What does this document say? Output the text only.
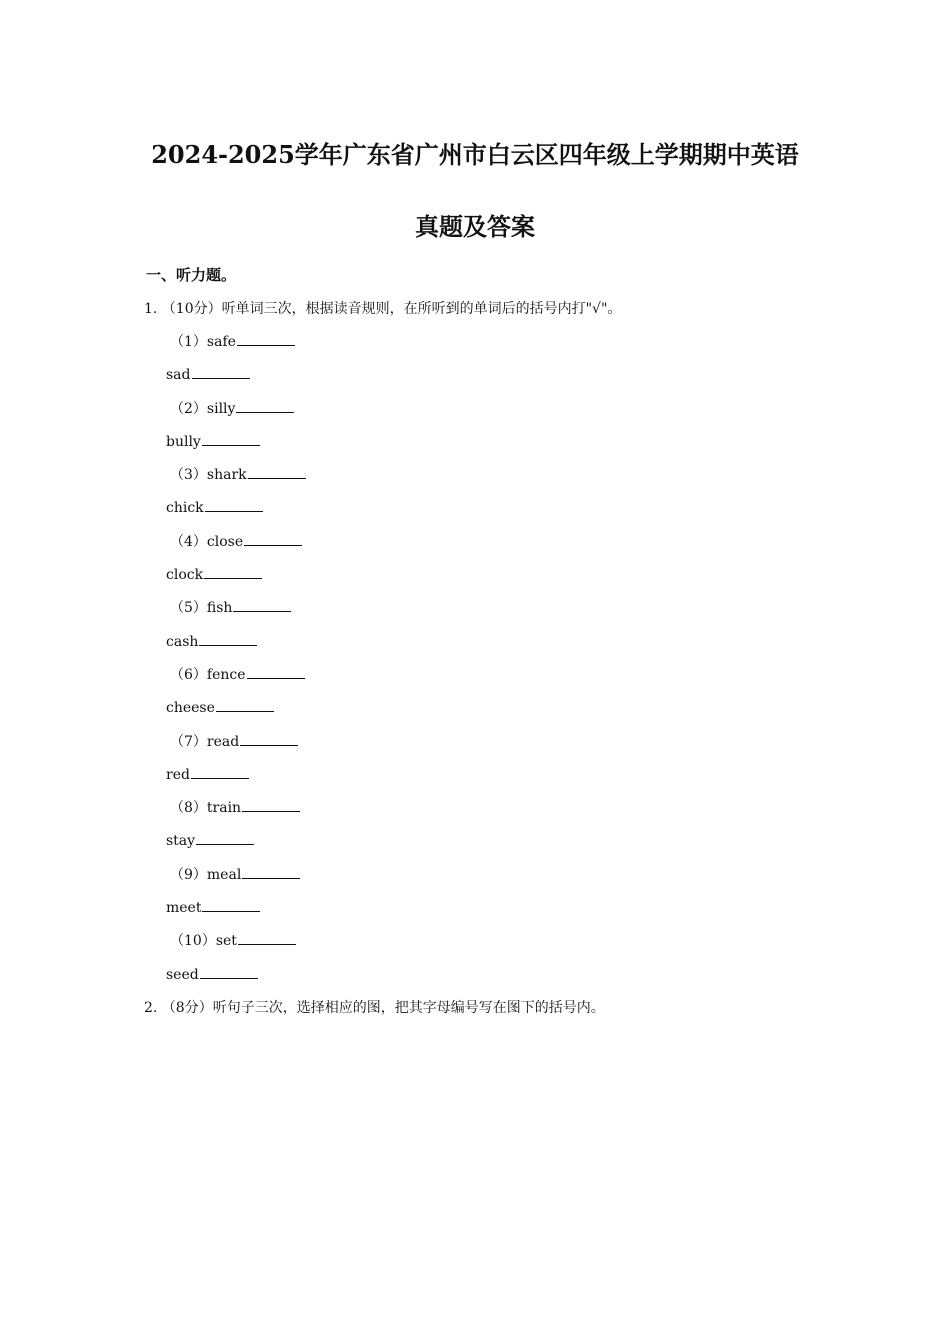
2024-2025学年广东省广州市白云区四年级上学期期中英语
真题及答案
一、听力题。
1. （10分）听单词三次，根据读音规则，在所听到的单词后的括号内打"√"。
（1）safe
sad
（2）silly
bully
（3）shark
chick
（4）close
clock
（5）fish
cash
（6）fence
cheese
（7）read
red
（8）train
stay
（9）meal
meet
（10）set
seed
2. （8分）听句子三次，选择相应的图，把其字母编号写在图下的括号内。
